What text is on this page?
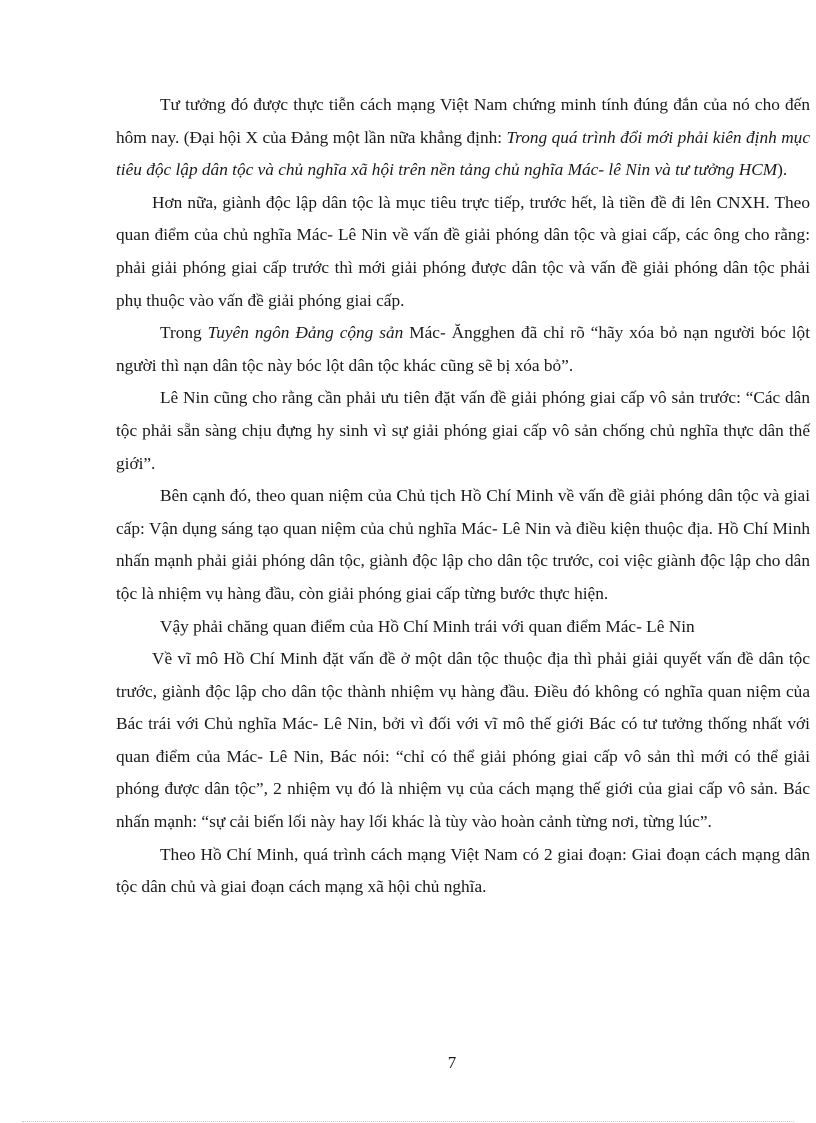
Tư tưởng đó được thực tiễn cách mạng Việt Nam chứng minh tính đúng đắn của nó cho đến hôm nay. (Đại hội X của Đảng một lần nữa khẳng định: Trong quá trình đổi mới phải kiên định mục tiêu độc lập dân tộc và chủ nghĩa xã hội trên nền tảng chủ nghĩa Mác- lê Nin và tư tưởng HCM).

Hơn nữa, giành độc lập dân tộc là mục tiêu trực tiếp, trước hết, là tiền đề đi lên CNXH. Theo quan điểm của chủ nghĩa Mác- Lê Nin về vấn đề giải phóng dân tộc và giai cấp, các ông cho rằng: phải giải phóng giai cấp trước thì mới giải phóng được dân tộc và vấn đề giải phóng dân tộc phải phụ thuộc vào vấn đề giải phóng giai cấp.

Trong Tuyên ngôn Đảng cộng sản Mác- Ăngghen đã chỉ rõ “hãy xóa bỏ nạn người bóc lột người thì nạn dân tộc này bóc lột dân tộc khác cũng sẽ bị xóa bỏ”.

Lê Nin cũng cho rằng cần phải ưu tiên đặt vấn đề giải phóng giai cấp vô sản trước: “Các dân tộc phải sẵn sàng chịu đựng hy sinh vì sự giải phóng giai cấp vô sản chống chủ nghĩa thực dân thế giới”.

Bên cạnh đó, theo quan niệm của Chủ tịch Hồ Chí Minh về vấn đề giải phóng dân tộc và giai cấp: Vận dụng sáng tạo quan niệm của chủ nghĩa Mác- Lê Nin và điều kiện thuộc địa. Hồ Chí Minh nhấn mạnh phải giải phóng dân tộc, giành độc lập cho dân tộc trước, coi việc giành độc lập cho dân tộc là nhiệm vụ hàng đầu, còn giải phóng giai cấp từng bước thực hiện.

Vậy phải chăng quan điểm của Hồ Chí Minh trái với quan điểm Mác- Lê Nin

Về vĩ mô Hồ Chí Minh đặt vấn đề ở một dân tộc thuộc địa thì phải giải quyết vấn đề dân tộc trước, giành độc lập cho dân tộc thành nhiệm vụ hàng đầu. Điều đó không có nghĩa quan niệm của Bác trái với Chủ nghĩa Mác- Lê Nin, bởi vì đối với vĩ mô thế giới Bác có tư tưởng thống nhất với quan điểm của Mác- Lê Nin, Bác nói: “chỉ có thể giải phóng giai cấp vô sản thì mới có thể giải phóng được dân tộc”, 2 nhiệm vụ đó là nhiệm vụ của cách mạng thế giới của giai cấp vô sản. Bác nhấn mạnh: “sự cải biến lối này hay lối khác là tùy vào hoàn cảnh từng nơi, từng lúc”.

Theo Hồ Chí Minh, quá trình cách mạng Việt Nam có 2 giai đoạn: Giai đoạn cách mạng dân tộc dân chủ và giai đoạn cách mạng xã hội chủ nghĩa.

7
